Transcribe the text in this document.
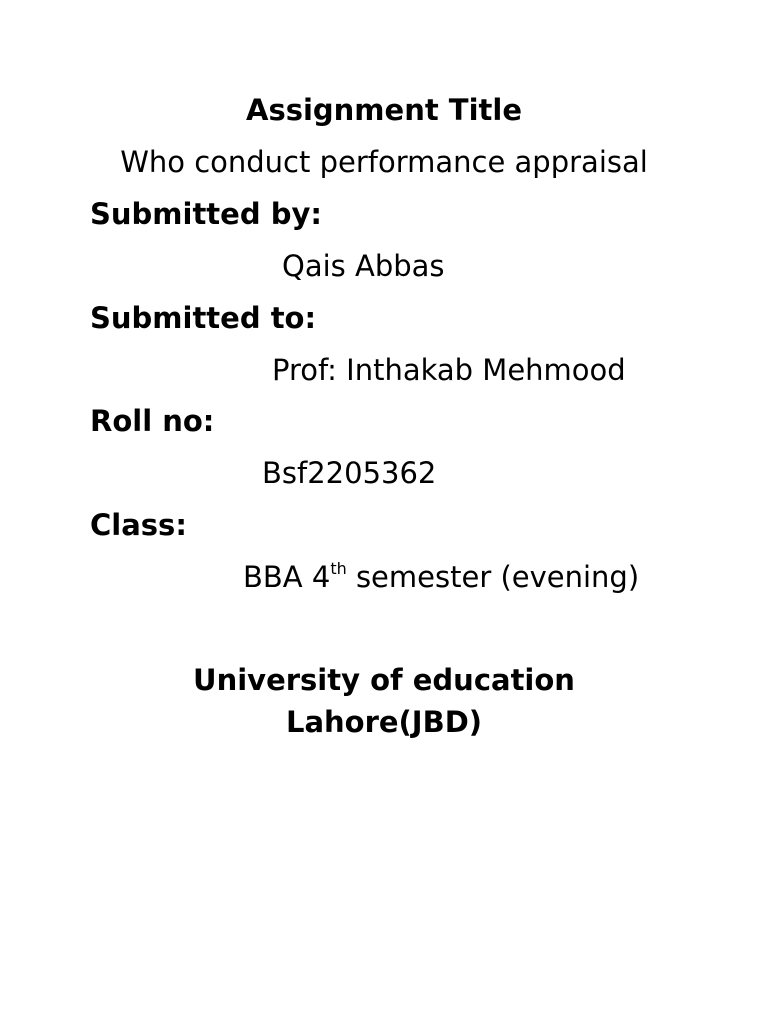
Assignment Title
Who conduct performance appraisal
Submitted by:
Qais Abbas
Submitted to:
Prof: Inthakab Mehmood
Roll no:
Bsf2205362
Class:
BBA 4th semester (evening)
University of education
Lahore(JBD)
